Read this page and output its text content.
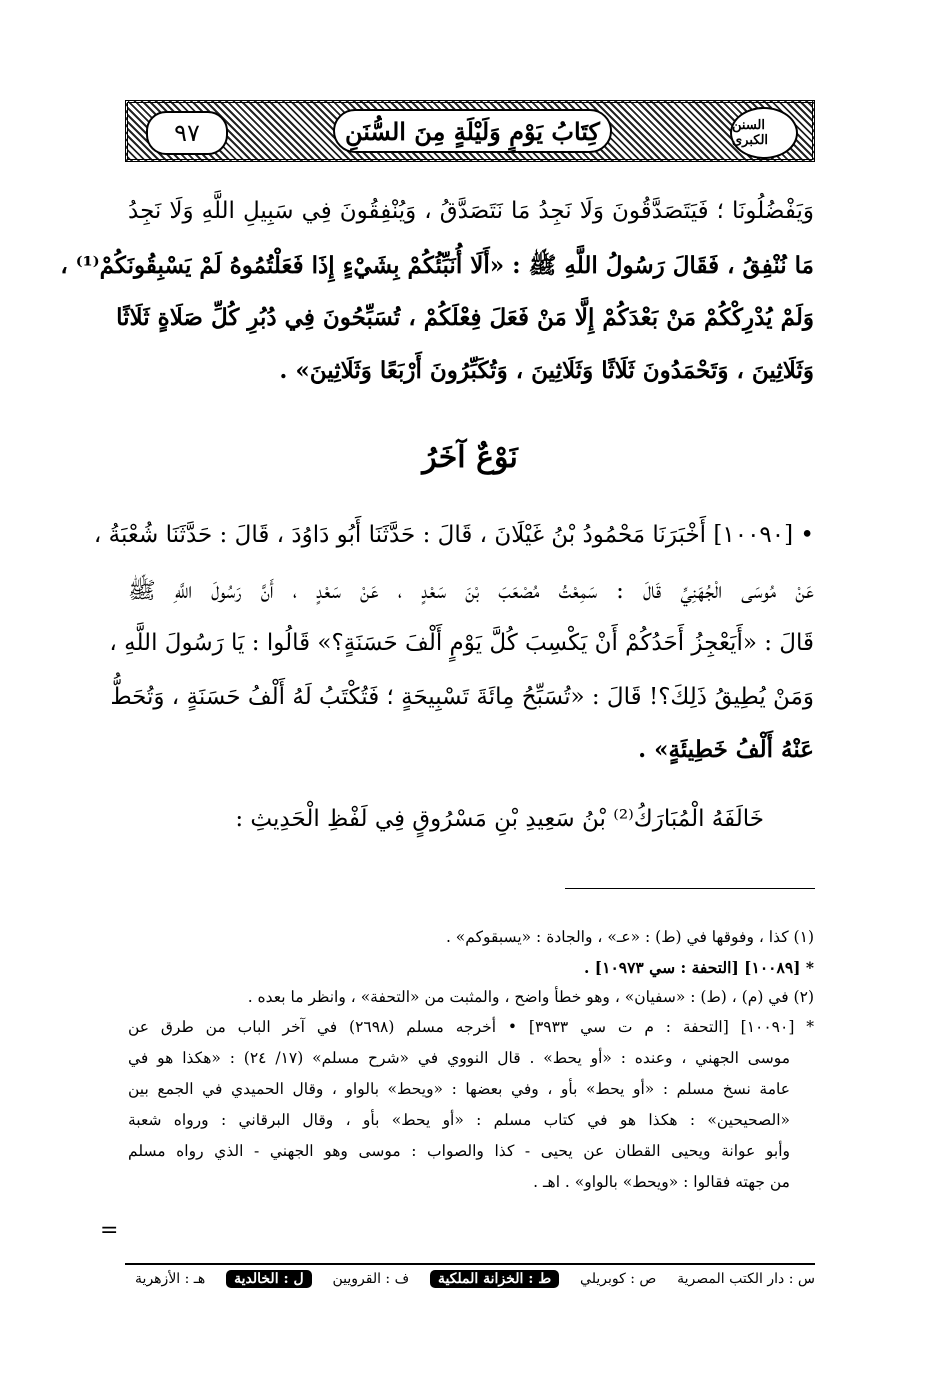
٩٧	كِتَابُ يَوْمٍ وَلَيْلَةٍ مِنَ السُّنَنِ	السنن الكبرى
وَيَفْضُلُونَا ؛ فَيَتَصَدَّقُونَ وَلَا نَجِدُ مَا نَتَصَدَّقُ ، وَيُنْفِقُونَ فِي سَبِيلِ اللَّهِ وَلَا نَجِدُ
مَا نُنْفِقُ ، فَقَالَ رَسُولُ اللَّهِ ﷺ : «أَلَا أُنَبِّئُكُمْ بِشَيْءٍ إِذَا فَعَلْتُمُوهُ لَمْ يَسْبِقُونَكُمْ⁽¹⁾ ،
وَلَمْ يُدْرِكْكُمْ مَنْ بَعْدَكُمْ إِلَّا مَنْ فَعَلَ فِعْلَكُمْ ، تُسَبِّحُونَ فِي دُبُرِ كُلِّ صَلَاةٍ ثَلَاثًا
وَثَلَاثِينَ ، وَتَحْمَدُونَ ثَلَاثًا وَثَلَاثِينَ ، وَتُكَبِّرُونَ أَرْبَعًا وَثَلَاثِينَ» .
نَوْعٌ آخَرُ
• [١٠٠٩٠] أَخْبَرَنَا مَحْمُودُ بْنُ غَيْلَانَ ، قَالَ : حَدَّثَنَا أَبُو دَاوُدَ ، قَالَ : حَدَّثَنَا شُعْبَةُ ،
عَنْ مُوسَى الْجُهَنِيِّ قَالَ : سَمِعْتُ مُصْعَبَ بْنَ سَعْدٍ ، عَنْ سَعْدٍ ، أَنَّ رَسُولَ اللَّهِ ﷺ
قَالَ : «أَيَعْجِزُ أَحَدُكُمْ أَنْ يَكْسِبَ كُلَّ يَوْمٍ أَلْفَ حَسَنَةٍ؟» قَالُوا : يَا رَسُولَ اللَّهِ ،
وَمَنْ يُطِيقُ ذَلِكَ؟! قَالَ : «تُسَبِّحُ مِائَةَ تَسْبِيحَةٍ ؛ فَتُكْتَبُ لَهُ أَلْفُ حَسَنَةٍ ، وَتُحَطُّ
عَنْهُ أَلْفُ خَطِيئَةٍ» .
خَالَفَهُ الْمُبَارَكُ⁽²⁾ بْنُ سَعِيدِ بْنِ مَسْرُوقٍ فِي لَفْظِ الْحَدِيثِ :
(١) كذا ، وفوقها في (ط) : «عـ» ، والجادة : «يسبقوكم» .
* [١٠٠٨٩] [التحفة : سي ١٠٩٧٣] .
(٢) في (م) ، (ط) : «سفيان» ، وهو خطأ واضح ، والمثبت من «التحفة» ، وانظر ما بعده .
* [١٠٠٩٠] [التحفة : م ت سي ٣٩٣٣] • أخرجه مسلم (٢٦٩٨) في آخر الباب من طرق عن
موسى الجهني ، وعنده : «أو يحط» . قال النووي في «شرح مسلم» (١٧/ ٢٤) : «هكذا هو في
عامة نسخ مسلم : «أو يحط» بأو ، وفي بعضها : «ويحط» بالواو ، وقال الحميدي في الجمع بين
«الصحيحين» : هكذا هو في كتاب مسلم : «أو يحط» بأو ، وقال البرقاني : ورواه شعبة
وأبو عوانة ويحيى القطان عن يحيى - كذا والصواب : موسى وهو الجهني - الذي رواه مسلم
من جهته فقالوا : «ويحط» بالواو» . اهـ .
=
س : دار الكتب المصرية
ص : كوبريلي
ط : الخزانة الملكية
ف : القرويين
ل : الخالدية
هـ : الأزهرية
